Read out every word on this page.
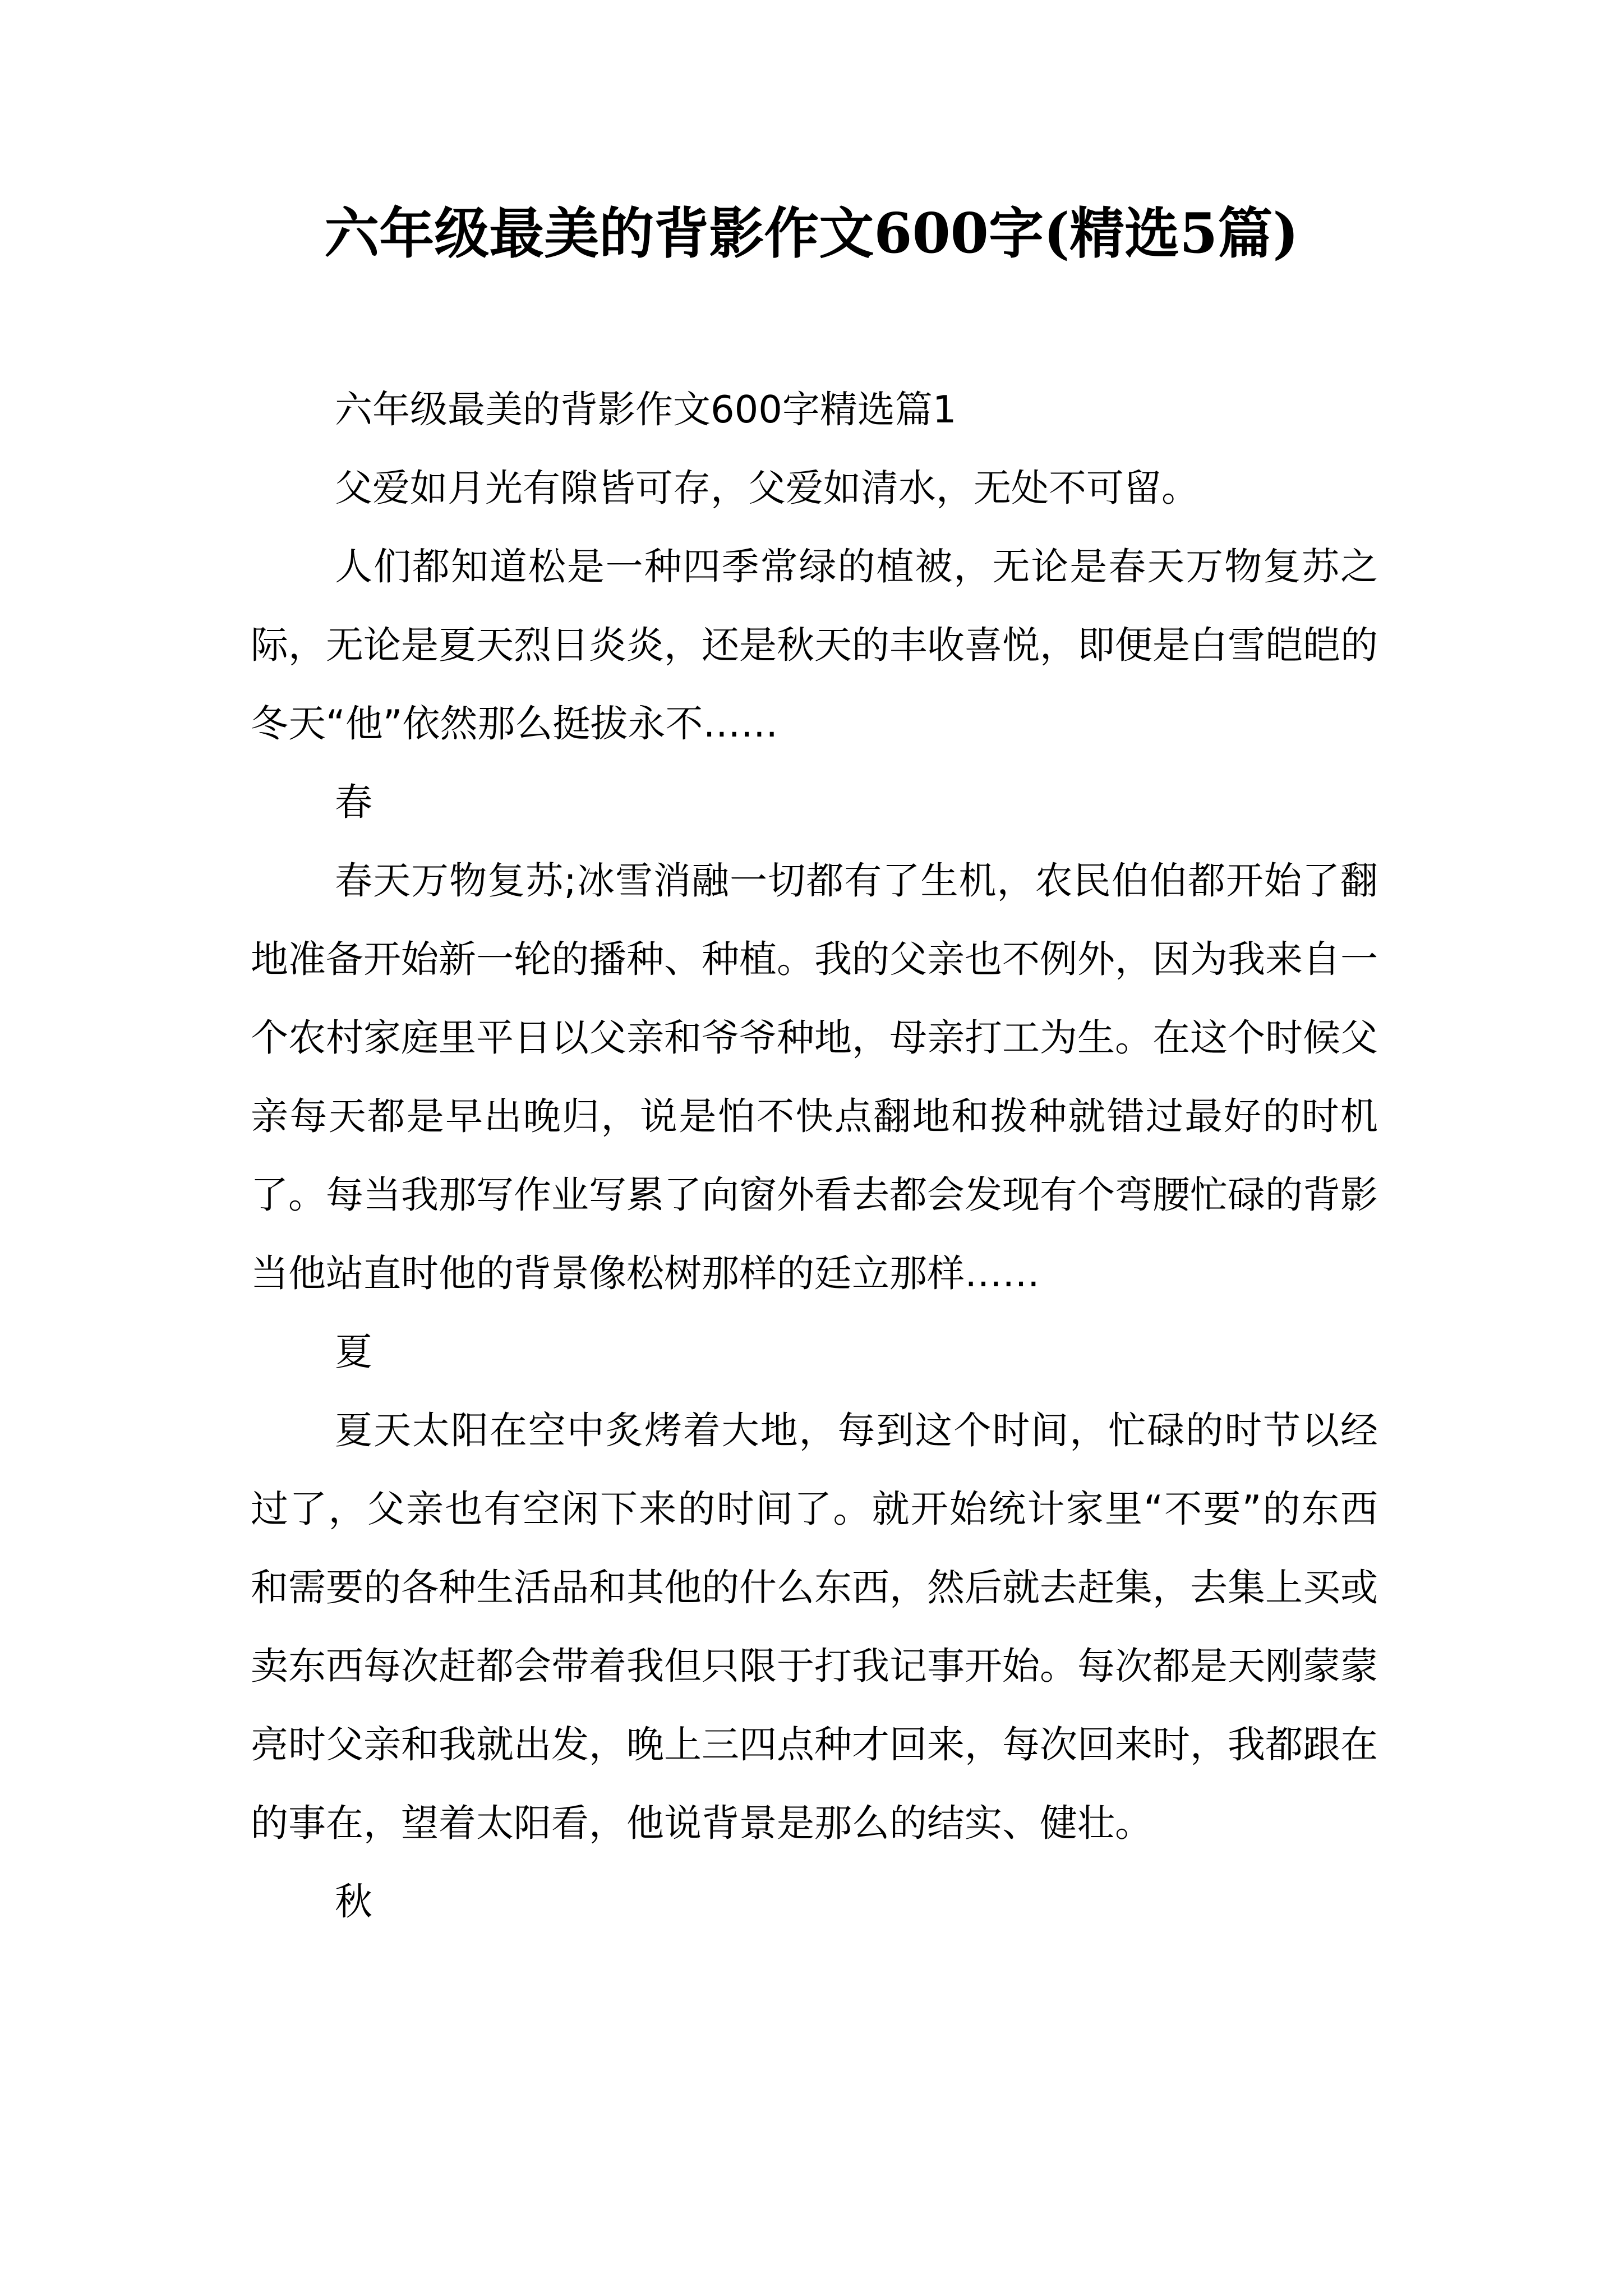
六年级最美的背影作文600字(精选5篇)

六年级最美的背影作文600字精选篇1

父爱如月光有隙皆可存，父爱如清水，无处不可留。

人们都知道松是一种四季常绿的植被，无论是春天万物复苏之际，无论是夏天烈日炎炎，还是秋天的丰收喜悦，即便是白雪皑皑的冬天“他”依然那么挺拔永不……

春

春天万物复苏;冰雪消融一切都有了生机，农民伯伯都开始了翻地准备开始新一轮的播种、种植。我的父亲也不例外，因为我来自一个农村家庭里平日以父亲和爷爷种地，母亲打工为生。在这个时候父亲每天都是早出晚归，说是怕不快点翻地和拨种就错过最好的时机了。每当我那写作业写累了向窗外看去都会发现有个弯腰忙碌的背影当他站直时他的背景像松树那样的廷立那样……

夏

夏天太阳在空中炙烤着大地，每到这个时间，忙碌的时节以经过了，父亲也有空闲下来的时间了。就开始统计家里“不要”的东西和需要的各种生活品和其他的什么东西，然后就去赶集，去集上买或卖东西每次赶都会带着我但只限于打我记事开始。每次都是天刚蒙蒙亮时父亲和我就出发，晚上三四点种才回来，每次回来时，我都跟在的事在，望着太阳看，他说背景是那么的结实、健壮。

秋
